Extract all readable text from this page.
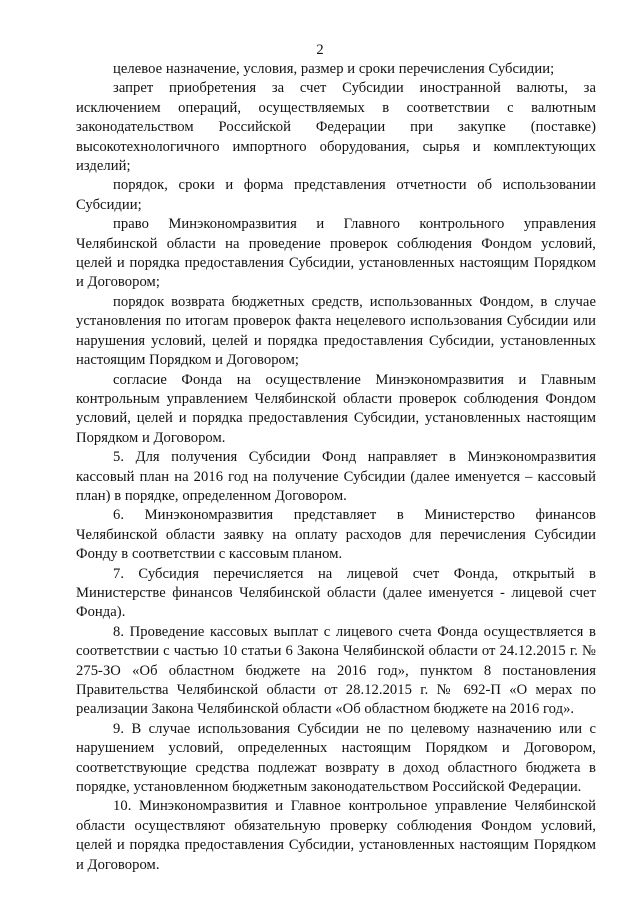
2

целевое назначение, условия, размер и сроки перечисления Субсидии;

запрет приобретения за счет Субсидии иностранной валюты, за исключением операций, осуществляемых в соответствии с валютным законодательством Российской Федерации при закупке (поставке) высокотехнологичного импортного оборудования, сырья и комплектующих изделий;

порядок, сроки и форма представления отчетности об использовании Субсидии;

право Минэкономразвития и Главного контрольного управления Челябинской области на проведение проверок соблюдения Фондом условий, целей и порядка предоставления Субсидии, установленных настоящим Порядком и Договором;

порядок возврата бюджетных средств, использованных Фондом, в случае установления по итогам проверок факта нецелевого использования Субсидии или нарушения условий, целей и порядка предоставления Субсидии, установленных настоящим Порядком и Договором;

согласие Фонда на осуществление Минэкономразвития и Главным контрольным управлением Челябинской области проверок соблюдения Фондом условий, целей и порядка предоставления Субсидии, установленных настоящим Порядком и Договором.

5. Для получения Субсидии Фонд направляет в Минэкономразвития кассовый план на 2016 год на получение Субсидии (далее именуется – кассовый план) в порядке, определенном Договором.

6. Минэкономразвития представляет в Министерство финансов Челябинской области заявку на оплату расходов для перечисления Субсидии Фонду в соответствии с кассовым планом.

7. Субсидия перечисляется на лицевой счет Фонда, открытый в Министерстве финансов Челябинской области (далее именуется - лицевой счет Фонда).

8. Проведение кассовых выплат с лицевого счета Фонда осуществляется в соответствии с частью 10 статьи 6 Закона Челябинской области от 24.12.2015 г. № 275-ЗО «Об областном бюджете на 2016 год», пунктом 8 постановления Правительства Челябинской области от 28.12.2015 г. № 692-П «О мерах по реализации Закона Челябинской области «Об областном бюджете на 2016 год».

9. В случае использования Субсидии не по целевому назначению или с нарушением условий, определенных настоящим Порядком и Договором, соответствующие средства подлежат возврату в доход областного бюджета в порядке, установленном бюджетным законодательством Российской Федерации.

10. Минэкономразвития и Главное контрольное управление Челябинской области осуществляют обязательную проверку соблюдения Фондом условий, целей и порядка предоставления Субсидии, установленных настоящим Порядком и Договором.
